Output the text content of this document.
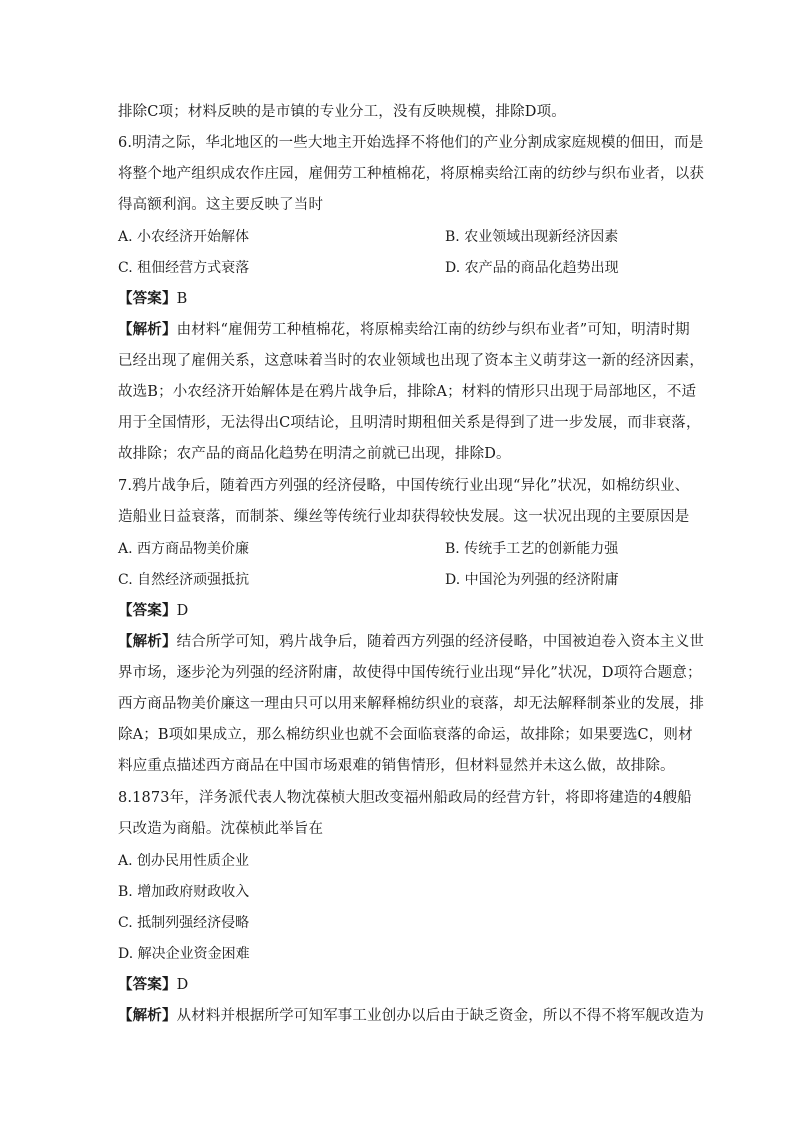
排除C项；材料反映的是市镇的专业分工，没有反映规模，排除D项。
6.明清之际，华北地区的一些大地主开始选择不将他们的产业分割成家庭规模的佃田，而是
将整个地产组织成农作庄园，雇佣劳工种植棉花，将原棉卖给江南的纺纱与织布业者，以获
得高额利润。这主要反映了当时
A. 小农经济开始解体	B. 农业领域出现新经济因素
C. 租佃经营方式衰落	D. 农产品的商品化趋势出现
【答案】B
【解析】由材料“雇佣劳工种植棉花，将原棉卖给江南的纺纱与织布业者”可知，明清时期
已经出现了雇佣关系，这意味着当时的农业领域也出现了资本主义萌芽这一新的经济因素，
故选B；小农经济开始解体是在鸦片战争后，排除A；材料的情形只出现于局部地区，不适
用于全国情形，无法得出C项结论，且明清时期租佃关系是得到了进一步发展，而非衰落，
故排除；农产品的商品化趋势在明清之前就已出现，排除D。
7.鸦片战争后，随着西方列强的经济侵略，中国传统行业出现“异化”状况，如棉纺织业、
造船业日益衰落，而制茶、缫丝等传统行业却获得较快发展。这一状况出现的主要原因是
A. 西方商品物美价廉	B. 传统手工艺的创新能力强
C. 自然经济顽强抵抗	D. 中国沦为列强的经济附庸
【答案】D
【解析】结合所学可知，鸦片战争后，随着西方列强的经济侵略，中国被迫卷入资本主义世
界市场，逐步沦为列强的经济附庸，故使得中国传统行业出现“异化”状况，D项符合题意；
西方商品物美价廉这一理由只可以用来解释棉纺织业的衰落，却无法解释制茶业的发展，排
除A；B项如果成立，那么棉纺织业也就不会面临衰落的命运，故排除；如果要选C，则材
料应重点描述西方商品在中国市场艰难的销售情形，但材料显然并未这么做，故排除。
8.1873年，洋务派代表人物沈葆桢大胆改变福州船政局的经营方针，将即将建造的4艘船
只改造为商船。沈葆桢此举旨在
A. 创办民用性质企业
B. 增加政府财政收入
C. 抵制列强经济侵略
D. 解决企业资金困难
【答案】D
【解析】从材料并根据所学可知军事工业创办以后由于缺乏资金，所以不得不将军舰改造为
